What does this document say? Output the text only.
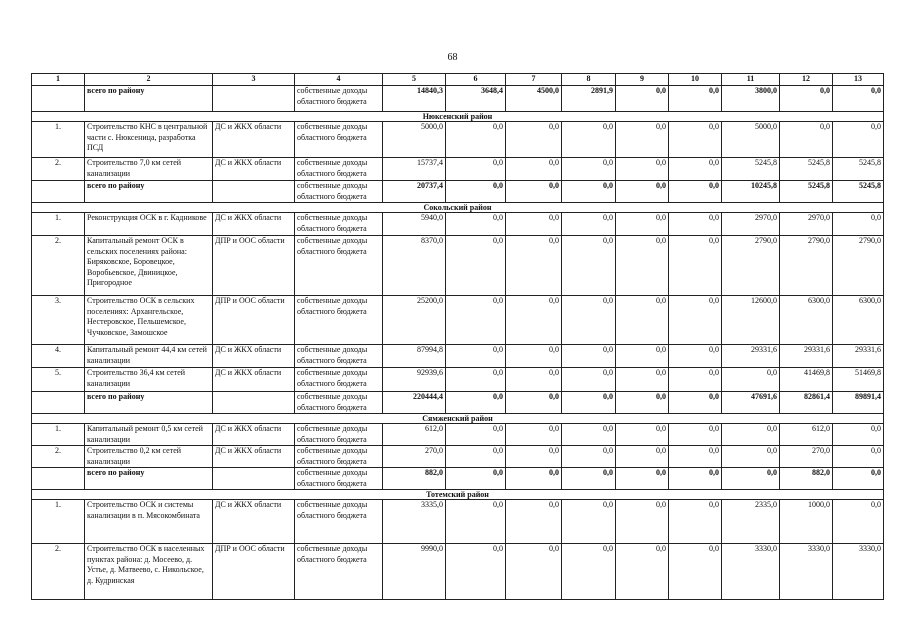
68
1	2	3	4	5	6	7	8	9	10	11	12	13
	всего по району		собственные доходы областного бюджета	14840,3	3648,4	4500,0	2891,9	0,0	0,0	3800,0	0,0	0,0
Нюксенский район												
1.	Строительство КНС в центральной части с. Нюксеница, разработка ПСД	ДС и ЖКХ области	собственные доходы областного бюджета	5000,0	0,0	0,0	0,0	0,0	0,0	5000,0	0,0	0,0
2.	Строительство 7,0 км сетей канализации	ДС и ЖКХ области	собственные доходы областного бюджета	15737,4	0,0	0,0	0,0	0,0	0,0	5245,8	5245,8	5245,8
	всего по району		собственные доходы областного бюджета	20737,4	0,0	0,0	0,0	0,0	0,0	10245,8	5245,8	5245,8
Сокольский район												
1.	Реконструкция ОСК в г. Кадникове	ДС и ЖКХ области	собственные доходы областного бюджета	5940,0	0,0	0,0	0,0	0,0	0,0	2970,0	2970,0	0,0
2.	Капитальный ремонт ОСК в сельских поселениях района: Биряковское, Боровецкое, Воробьевское, Двиницкое, Пригородное	ДПР и ООС области	собственные доходы областного бюджета	8370,0	0,0	0,0	0,0	0,0	0,0	2790,0	2790,0	2790,0
3.	Строительство ОСК в сельских поселениях: Архангельское, Нестеровское, Пельшемское, Чучковское, Замошское	ДПР и ООС области	собственные доходы областного бюджета	25200,0	0,0	0,0	0,0	0,0	0,0	12600,0	6300,0	6300,0
4.	Капитальный ремонт 44,4 км сетей канализации	ДС и ЖКХ области	собственные доходы областного бюджета	87994,8	0,0	0,0	0,0	0,0	0,0	29331,6	29331,6	29331,6
5.	Строительство 36,4 км сетей канализации	ДС и ЖКХ области	собственные доходы областного бюджета	92939,6	0,0	0,0	0,0	0,0	0,0	0,0	41469,8	51469,8
	всего по району		собственные доходы областного бюджета	220444,4	0,0	0,0	0,0	0,0	0,0	47691,6	82861,4	89891,4
Сямженский район												
1.	Капитальный ремонт 0,5 км сетей канализации	ДС и ЖКХ области	собственные доходы областного бюджета	612,0	0,0	0,0	0,0	0,0	0,0	0,0	612,0	0,0
2.	Строительство 0,2 км сетей канализации	ДС и ЖКХ области	собственные доходы областного бюджета	270,0	0,0	0,0	0,0	0,0	0,0	0,0	270,0	0,0
	всего по району		собственные доходы областного бюджета	882,0	0,0	0,0	0,0	0,0	0,0	0,0	882,0	0,0
Тотемский район												
1.	Строительство ОСК и системы канализации в п. Мясокомбината	ДС и ЖКХ области	собственные доходы областного бюджета	3335,0	0,0	0,0	0,0	0,0	0,0	2335,0	1000,0	0,0
2.	Строительство ОСК в населенных пунктах района: д. Мосеево, д. Устье, д. Матвеево, с. Никольское, д. Кудринская	ДПР и ООС области	собственные доходы областного бюджета	9990,0	0,0	0,0	0,0	0,0	0,0	3330,0	3330,0	3330,0
